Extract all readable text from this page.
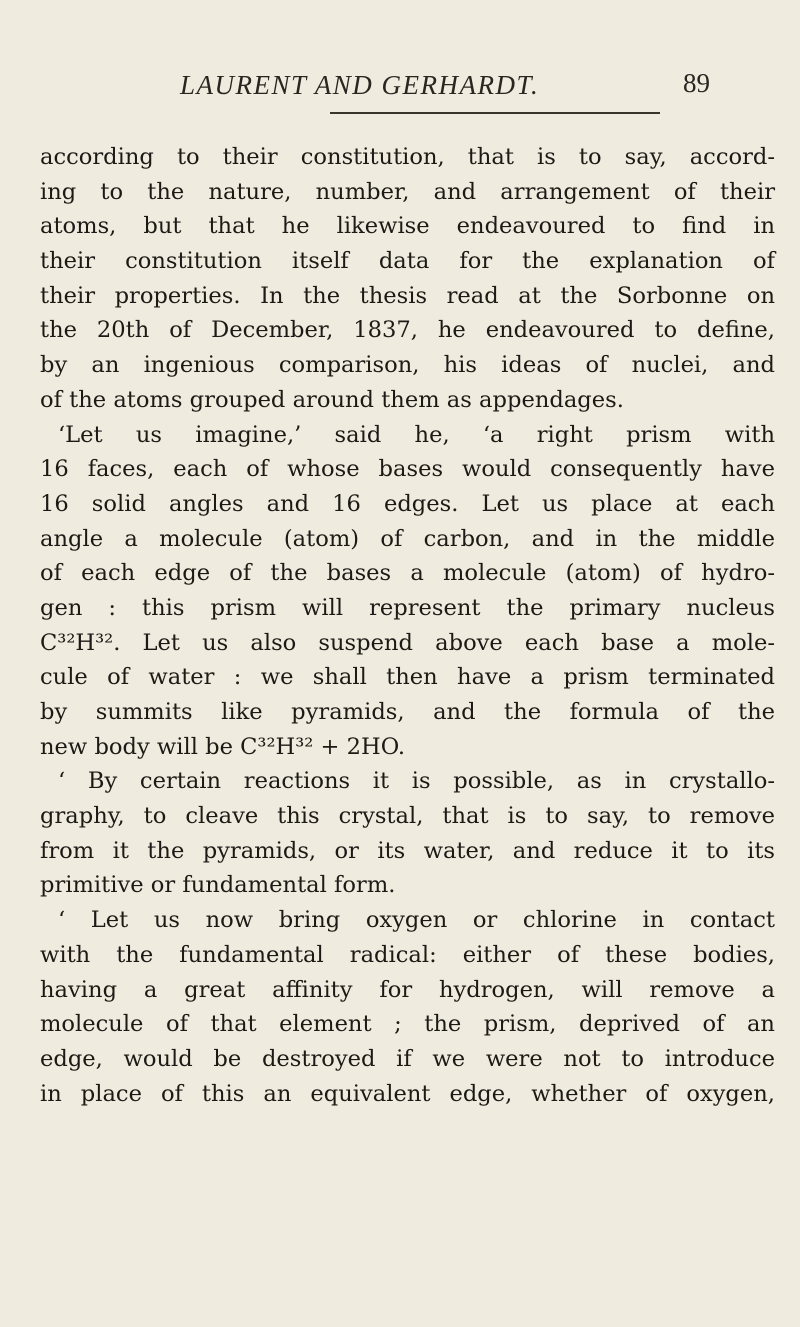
LAURENT AND GERHARDT.	89
according to their constitution, that is to say, accord-
ing to the nature, number, and arrangement of their
atoms, but that he likewise endeavoured to find in
their constitution itself data for the explanation of
their properties. In the thesis read at the Sorbonne on
the 20th of December, 1837, he endeavoured to define,
by an ingenious comparison, his ideas of nuclei, and
of the atoms grouped around them as appendages.
‘Let us imagine,’ said he, ‘a right prism with
16 faces, each of whose bases would consequently have
16 solid angles and 16 edges. Let us place at each
angle a molecule (atom) of carbon, and in the middle
of each edge of the bases a molecule (atom) of hydro-
gen : this prism will represent the primary nucleus
C³²H³². Let us also suspend above each base a mole-
cule of water : we shall then have a prism terminated
by summits like pyramids, and the formula of the
new body will be C³²H³² + 2HO.
‘ By certain reactions it is possible, as in crystallo-
graphy, to cleave this crystal, that is to say, to remove
from it the pyramids, or its water, and reduce it to its
primitive or fundamental form.
‘ Let us now bring oxygen or chlorine in contact
with the fundamental radical: either of these bodies,
having a great affinity for hydrogen, will remove a
molecule of that element ; the prism, deprived of an
edge, would be destroyed if we were not to introduce
in place of this an equivalent edge, whether of oxygen,
